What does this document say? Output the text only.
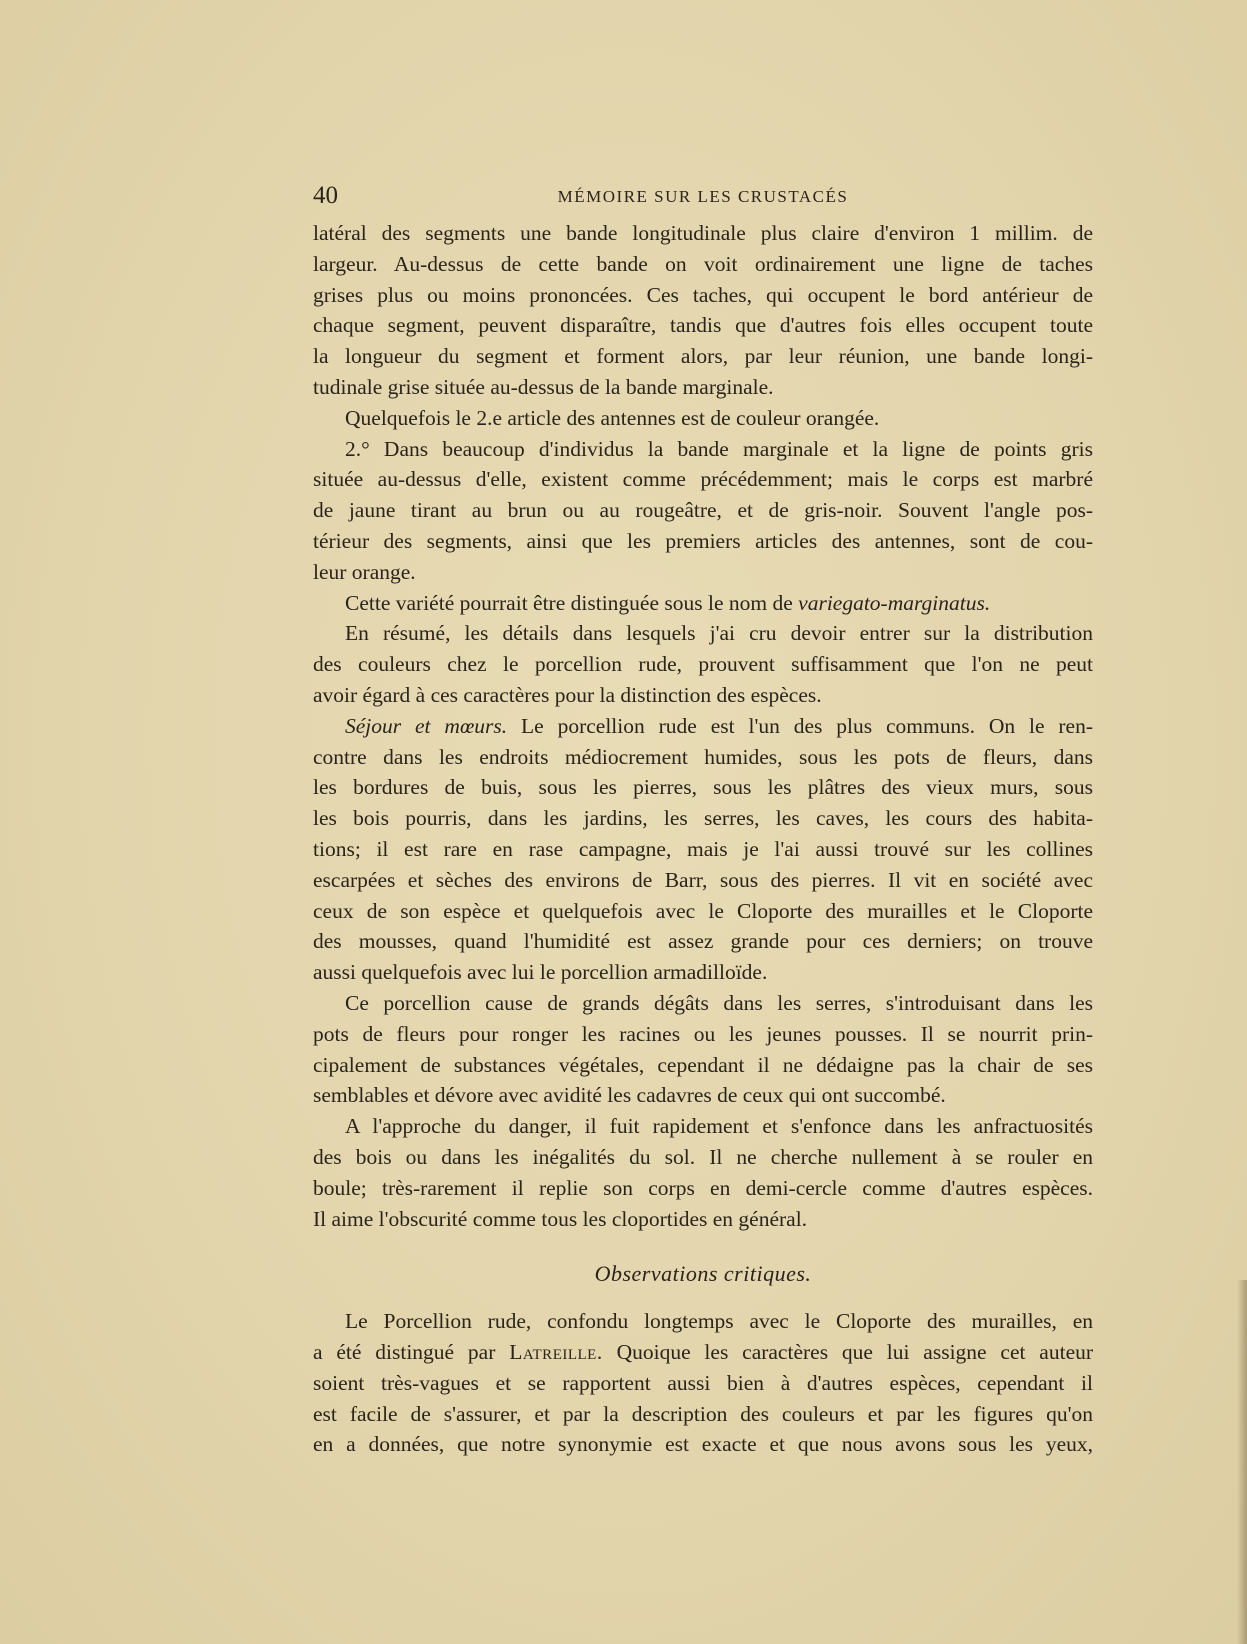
40	MÉMOIRE SUR LES CRUSTACÉS
latéral des segments une bande longitudinale plus claire d'environ 1 millim. de
largeur. Au-dessus de cette bande on voit ordinairement une ligne de taches
grises plus ou moins prononcées. Ces taches, qui occupent le bord antérieur de
chaque segment, peuvent disparaître, tandis que d'autres fois elles occupent toute
la longueur du segment et forment alors, par leur réunion, une bande longi-
tudinale grise située au-dessus de la bande marginale.
Quelquefois le 2.e article des antennes est de couleur orangée.
2.° Dans beaucoup d'individus la bande marginale et la ligne de points gris
située au-dessus d'elle, existent comme précédemment; mais le corps est marbré
de jaune tirant au brun ou au rougeâtre, et de gris-noir. Souvent l'angle pos-
térieur des segments, ainsi que les premiers articles des antennes, sont de cou-
leur orange.
Cette variété pourrait être distinguée sous le nom de variegato-marginatus.
En résumé, les détails dans lesquels j'ai cru devoir entrer sur la distribution
des couleurs chez le porcellion rude, prouvent suffisamment que l'on ne peut
avoir égard à ces caractères pour la distinction des espèces.
Séjour et mœurs. Le porcellion rude est l'un des plus communs. On le ren-
contre dans les endroits médiocrement humides, sous les pots de fleurs, dans
les bordures de buis, sous les pierres, sous les plâtres des vieux murs, sous
les bois pourris, dans les jardins, les serres, les caves, les cours des habita-
tions; il est rare en rase campagne, mais je l'ai aussi trouvé sur les collines
escarpées et sèches des environs de Barr, sous des pierres. Il vit en société avec
ceux de son espèce et quelquefois avec le Cloporte des murailles et le Cloporte
des mousses, quand l'humidité est assez grande pour ces derniers; on trouve
aussi quelquefois avec lui le porcellion armadilloïde.
Ce porcellion cause de grands dégâts dans les serres, s'introduisant dans les
pots de fleurs pour ronger les racines ou les jeunes pousses. Il se nourrit prin-
cipalement de substances végétales, cependant il ne dédaigne pas la chair de ses
semblables et dévore avec avidité les cadavres de ceux qui ont succombé.
A l'approche du danger, il fuit rapidement et s'enfonce dans les anfractuosités
des bois ou dans les inégalités du sol. Il ne cherche nullement à se rouler en
boule; très-rarement il replie son corps en demi-cercle comme d'autres espèces.
Il aime l'obscurité comme tous les cloportides en général.
Observations critiques.
Le Porcellion rude, confondu longtemps avec le Cloporte des murailles, en
a été distingué par Latreille. Quoique les caractères que lui assigne cet auteur
soient très-vagues et se rapportent aussi bien à d'autres espèces, cependant il
est facile de s'assurer, et par la description des couleurs et par les figures qu'on
en a données, que notre synonymie est exacte et que nous avons sous les yeux,
